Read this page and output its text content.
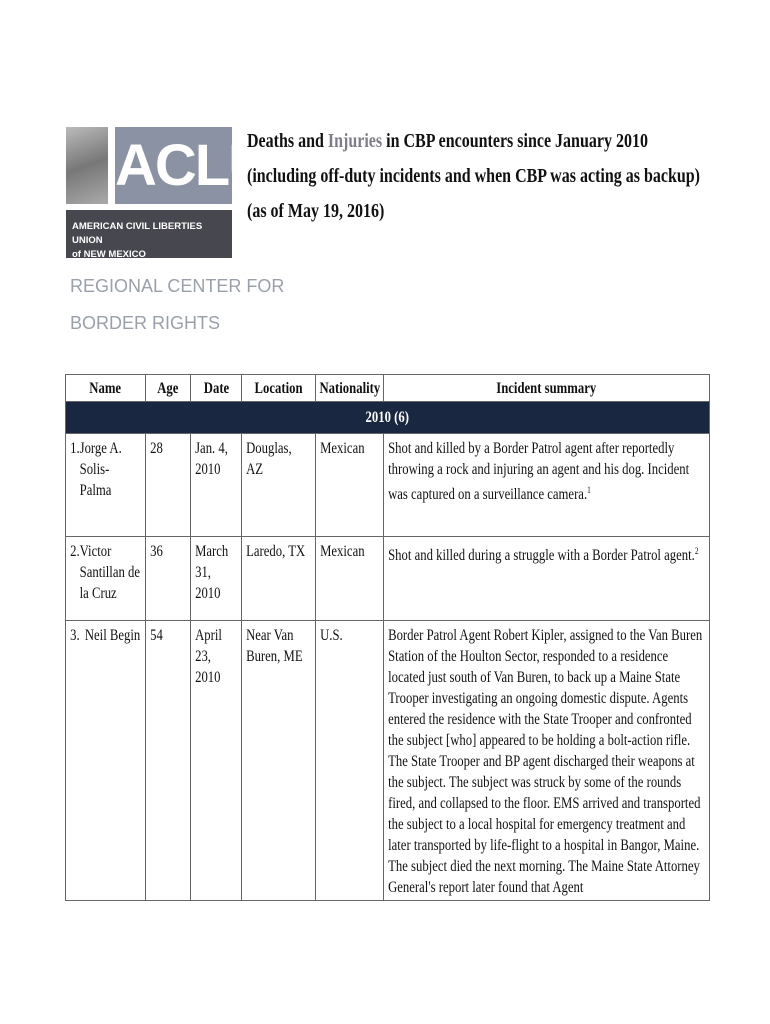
ACLU
AMERICAN CIVIL LIBERTIES UNION
of NEW MEXICO
REGIONAL CENTER FOR
BORDER RIGHTS
Deaths and Injuries in CBP encounters since January 2010
(including off-duty incidents and when CBP was acting as backup)
(as of May 19, 2016)
Name	Age	Date	Location	Nationality	Incident summary

2010 (6)					

1. Jorge A. Solis-Palma	28	Jan. 4, 2010	Douglas, AZ	Mexican	Shot and killed by a Border Patrol agent after reportedly throwing a rock and injuring an agent and his dog. Incident was captured on a surveillance camera.$^1$

2. Victor Santillan de la Cruz	36	March 31, 2010	Laredo, TX	Mexican	Shot and killed during a struggle with a Border Patrol agent.$^2$

3. Neil Begin	54	April 23, 2010	Near Van Buren, ME	U.S.	Border Patrol Agent Robert Kipler, assigned to the Van Buren Station of the Houlton Sector, responded to a residence located just south of Van Buren, to back up a Maine State Trooper investigating an ongoing domestic dispute. Agents entered the residence with the State Trooper and confronted the subject [who] appeared to be holding a bolt-action rifle. The State Trooper and BP agent discharged their weapons at the subject. The subject was struck by some of the rounds fired, and collapsed to the floor. EMS arrived and transported the subject to a local hospital for emergency treatment and later transported by life-flight to a hospital in Bangor, Maine. The subject died the next morning. The Maine State Attorney General's report later found that Agent
